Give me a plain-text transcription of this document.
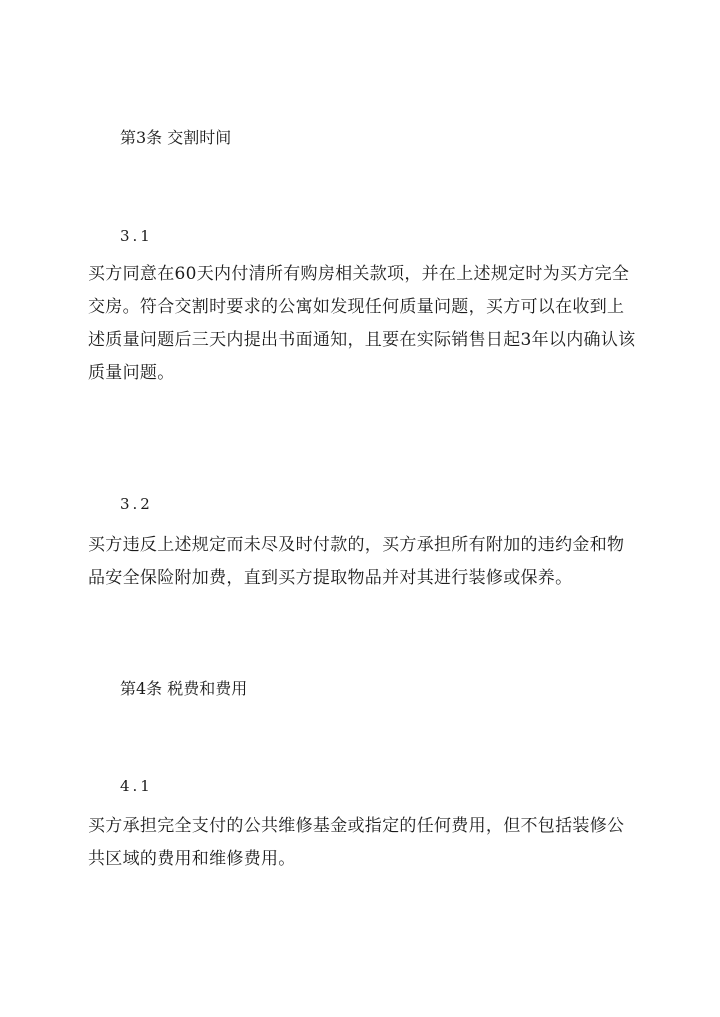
第3条 交割时间
3.1

买方同意在60天内付清所有购房相关款项，并在上述规定时为买方完全交房。符合交割时要求的公寓如发现任何质量问题，买方可以在收到上述质量问题后三天内提出书面通知，且要在实际销售日起3年以内确认该质量问题。

3.2

买方违反上述规定而未尽及时付款的，买方承担所有附加的违约金和物品安全保险附加费，直到买方提取物品并对其进行装修或保养。

第4条 税费和费用
4.1

买方承担完全支付的公共维修基金或指定的任何费用，但不包括装修公共区域的费用和维修费用。
